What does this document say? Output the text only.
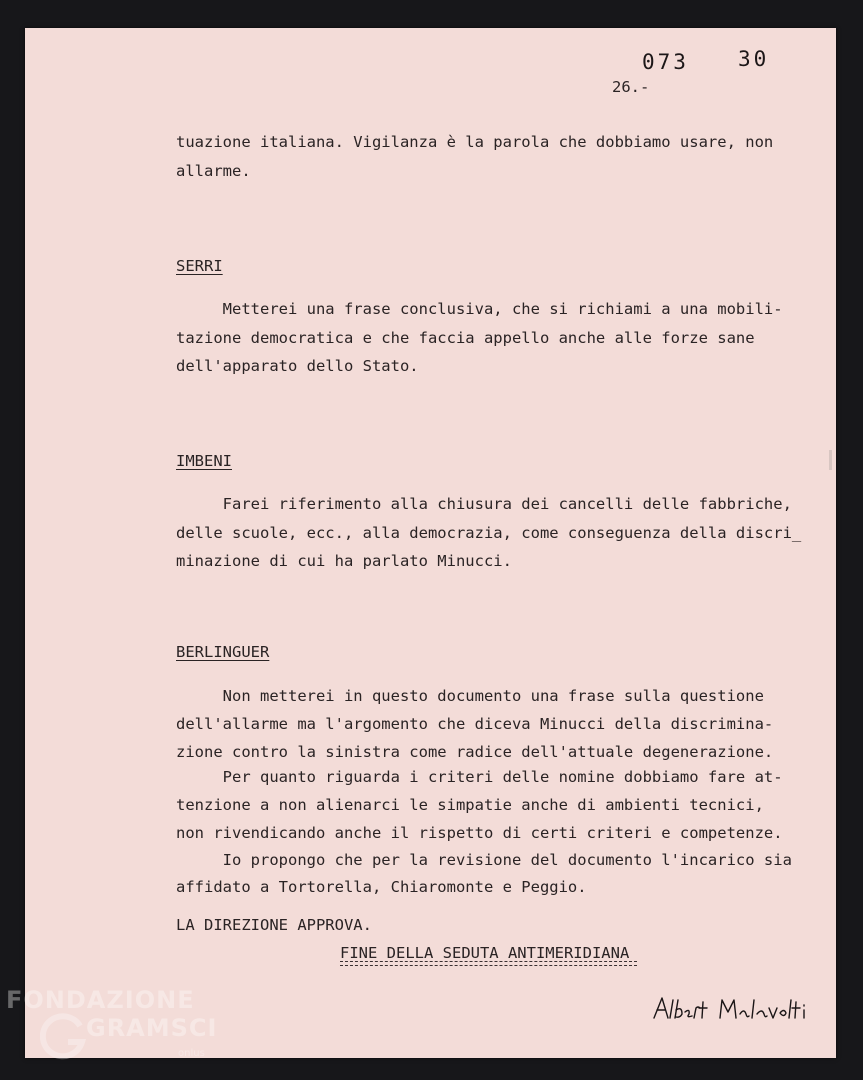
073 30
26.-
tuazione italiana. Vigilanza è la parola che dobbiamo usare, non
allarme.
SERRI
Metterei una frase conclusiva, che si richiami a una mobili-
tazione democratica e che faccia appello anche alle forze sane
dell'apparato dello Stato.
IMBENI
Farei riferimento alla chiusura dei cancelli delle fabbriche,
delle scuole, ecc., alla democrazia, come conseguenza della discri_
minazione di cui ha parlato Minucci.
BERLINGUER
Non metterei in questo documento una frase sulla questione
dell'allarme ma l'argomento che diceva Minucci della discrimina-
zione contro la sinistra come radice dell'attuale degenerazione.
Per quanto riguarda i criteri delle nomine dobbiamo fare at-
tenzione a non alienarci le simpatie anche di ambienti tecnici,
non rivendicando anche il rispetto di certi criteri e competenze.
Io propongo che per la revisione del documento l'incarico sia
affidato a Tortorella, Chiaromonte e Peggio.
LA DIREZIONE APPROVA.
FINE DELLA SEDUTA ANTIMERIDIANA
FONDAZIONE
GRAMSCI
onlus
